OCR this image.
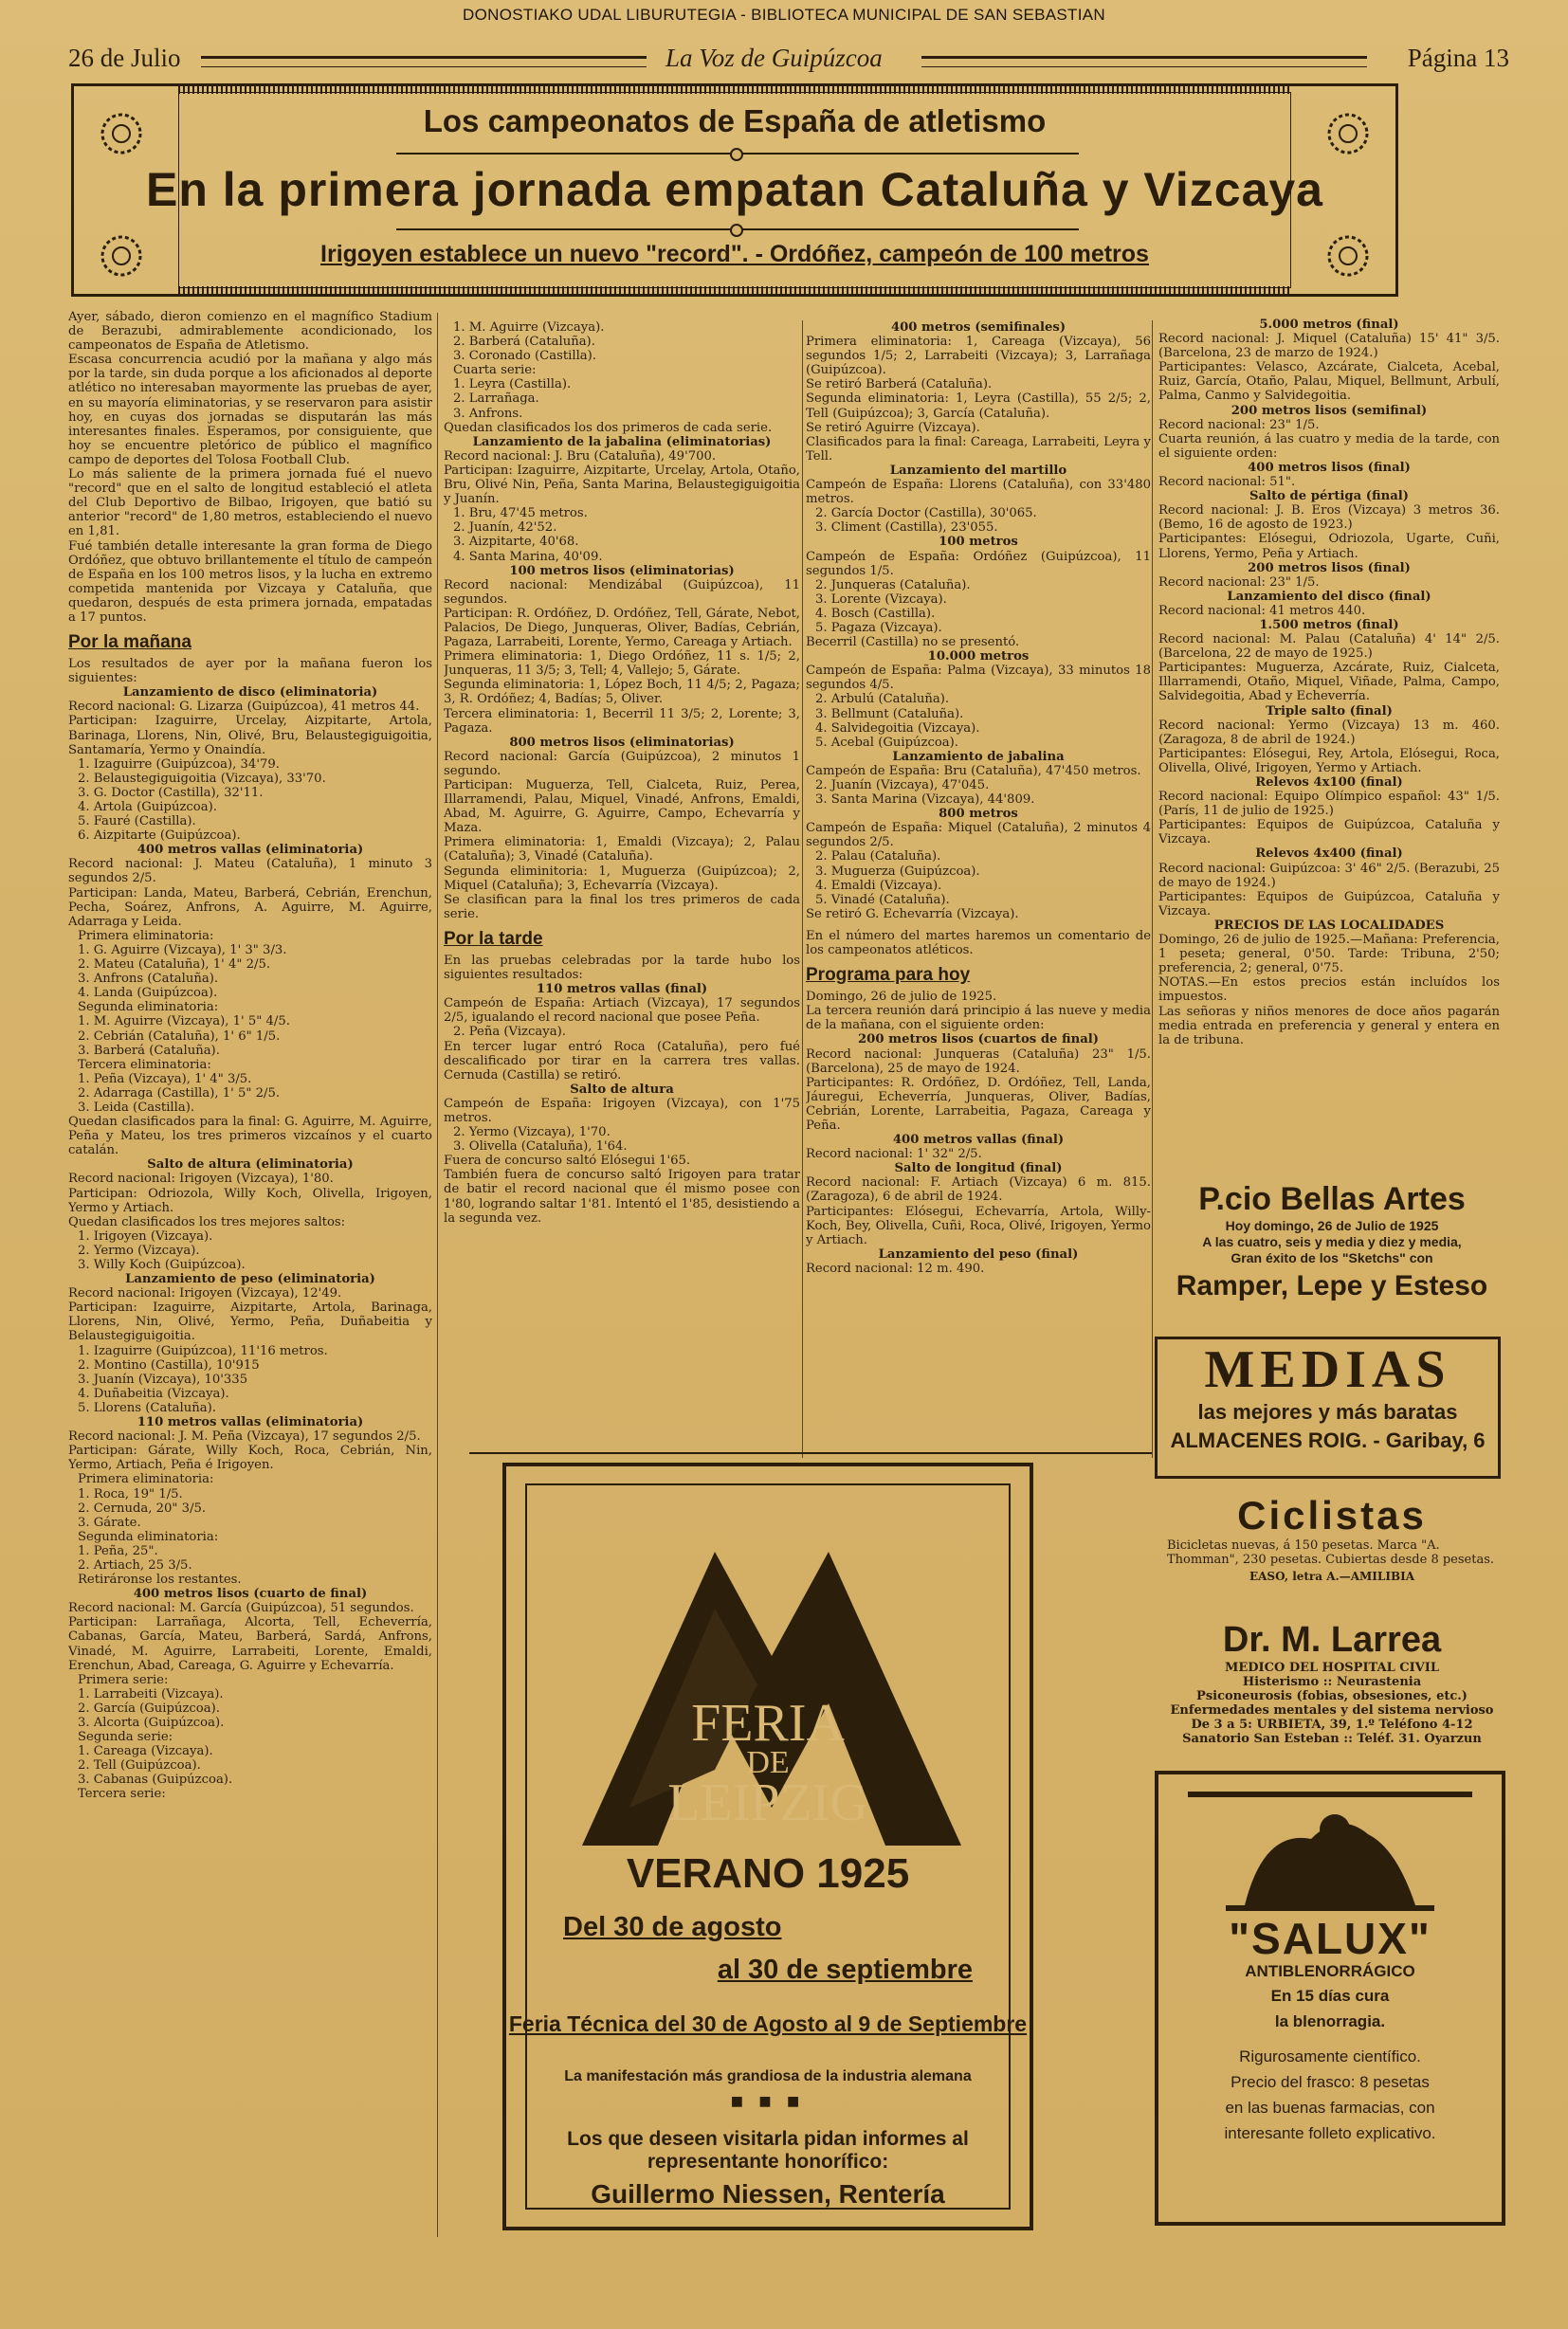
DONOSTIAKO UDAL LIBURUTEGIA - BIBLIOTECA MUNICIPAL DE SAN SEBASTIAN
26 de Julio	La Voz de Guipúzcoa	Página 13
Los campeonatos de España de atletismo
En la primera jornada empatan Cataluña y Vizcaya
Irigoyen establece un nuevo "record". - Ordóñez, campeón de 100 metros

Ayer, sábado, dieron comienzo en el magnífico Stadium de Berazubi, admirablemente acondicionado, los campeonatos de España de Atletismo.

Escasa concurrencia acudió por la mañana y algo más por la tarde, sin duda porque a los aficionados al deporte atlético no interesaban mayormente las pruebas de ayer, en su mayoría eliminatorias, y se reservaron para asistir hoy, en cuyas dos jornadas se disputarán las más interesantes finales. Esperamos, por consiguiente, que hoy se encuentre pletórico de público el magnífico campo de deportes del Tolosa Football Club.

Lo más saliente de la primera jornada fué el nuevo "record" que en el salto de longitud estableció el atleta del Club Deportivo de Bilbao, Irigoyen, que batió su anterior "record" de 1,80 metros, estableciendo el nuevo en 1,81.

Fué también detalle interesante la gran forma de Diego Ordóñez, que obtuvo brillantemente el título de campeón de España en los 100 metros lisos, y la lucha en extremo competida mantenida por Vizcaya y Cataluña, que quedaron, después de esta primera jornada, empatadas a 17 puntos.

Por la mañana

Los resultados de ayer por la mañana fueron los siguientes:

Lanzamiento de disco (eliminatoria)

Record nacional: G. Lizarza (Guipúzcoa), 41 metros 44.

Participan: Izaguirre, Urcelay, Aizpitarte, Artola, Barinaga, Llorens, Nin, Olivé, Bru, Belaustegiguigoitia, Santamaría, Yermo y Onaindía.

1. Izaguirre (Guipúzcoa), 34'79.

2. Belaustegiguigoitia (Vizcaya), 33'70.

3. G. Doctor (Castilla), 32'11.

4. Artola (Guipúzcoa).

5. Fauré (Castilla).

6. Aizpitarte (Guipúzcoa).

400 metros vallas (eliminatoria)

Record nacional: J. Mateu (Cataluña), 1 minuto 3 segundos 2/5.

Participan: Landa, Mateu, Barberá, Cebrián, Erenchun, Pecha, Soárez, Anfrons, A. Aguirre, M. Aguirre, Adarraga y Leida.

Primera eliminatoria:

1. G. Aguirre (Vizcaya), 1' 3" 3/3.

2. Mateu (Cataluña), 1' 4" 2/5.

3. Anfrons (Cataluña).

4. Landa (Guipúzcoa).

Segunda eliminatoria:

1. M. Aguirre (Vizcaya), 1' 5" 4/5.

2. Cebrián (Cataluña), 1' 6" 1/5.

3. Barberá (Cataluña).

Tercera eliminatoria:

1. Peña (Vizcaya), 1' 4" 3/5.

2. Adarraga (Castilla), 1' 5" 2/5.

3. Leida (Castilla).

Quedan clasificados para la final: G. Aguirre, M. Aguirre, Peña y Mateu, los tres primeros vizcaínos y el cuarto catalán.

Salto de altura (eliminatoria)

Record nacional: Irigoyen (Vizcaya), 1'80.

Participan: Odriozola, Willy Koch, Olivella, Irigoyen, Yermo y Artiach.

Quedan clasificados los tres mejores saltos:

1. Irigoyen (Vizcaya).

2. Yermo (Vizcaya).

3. Willy Koch (Guipúzcoa).

Lanzamiento de peso (eliminatoria)

Record nacional: Irigoyen (Vizcaya), 12'49.

Participan: Izaguirre, Aizpitarte, Artola, Barinaga, Llorens, Nin, Olivé, Yermo, Peña, Duñabeitia y Belaustegiguigoitia.

1. Izaguirre (Guipúzcoa), 11'16 metros.

2. Montino (Castilla), 10'915

3. Juanín (Vizcaya), 10'335

4. Duñabeitia (Vizcaya).

5. Llorens (Cataluña).

110 metros vallas (eliminatoria)

Record nacional: J. M. Peña (Vizcaya), 17 segundos 2/5.

Participan: Gárate, Willy Koch, Roca, Cebrián, Nin, Yermo, Artiach, Peña é Irigoyen.

Primera eliminatoria:

1. Roca, 19" 1/5.

2. Cernuda, 20" 3/5.

3. Gárate.

Segunda eliminatoria:

1. Peña, 25".

2. Artiach, 25 3/5.

Retiráronse los restantes.

400 metros lisos (cuarto de final)

Record nacional: M. García (Guipúzcoa), 51 segundos.

Participan: Larrañaga, Alcorta, Tell, Echeverría, Cabanas, García, Mateu, Barberá, Sardá, Anfrons, Vinadé, M. Aguirre, Larrabeiti, Lorente, Emaldi, Erenchun, Abad, Careaga, G. Aguirre y Echevarría.

Primera serie:

1. Larrabeiti (Vizcaya).

2. García (Guipúzcoa).

3. Alcorta (Guipúzcoa).

Segunda serie:

1. Careaga (Vizcaya).

2. Tell (Guipúzcoa).

3. Cabanas (Guipúzcoa).

Tercera serie:

1. M. Aguirre (Vizcaya).

2. Barberá (Cataluña).

3. Coronado (Castilla).

Cuarta serie:

1. Leyra (Castilla).

2. Larrañaga.

3. Anfrons.

Quedan clasificados los dos primeros de cada serie.

Lanzamiento de la jabalina (eliminatorias)

Record nacional: J. Bru (Cataluña), 49'700.

Participan: Izaguirre, Aizpitarte, Urcelay, Artola, Otaño, Bru, Olivé Nin, Peña, Santa Marina, Belaustegiguigoitia y Juanín.

1. Bru, 47'45 metros.

2. Juanín, 42'52.

3. Aizpitarte, 40'68.

4. Santa Marina, 40'09.

100 metros lisos (eliminatorias)

Record nacional: Mendizábal (Guipúzcoa), 11 segundos.

Participan: R. Ordóñez, D. Ordóñez, Tell, Gárate, Nebot, Palacios, De Diego, Junqueras, Oliver, Badías, Cebrián, Pagaza, Larrabeiti, Lorente, Yermo, Careaga y Artiach.

Primera eliminatoria: 1, Diego Ordóñez, 11 s. 1/5; 2, Junqueras, 11 3/5; 3, Tell; 4, Vallejo; 5, Gárate.

Segunda eliminatoria: 1, López Boch, 11 4/5; 2, Pagaza; 3, R. Ordóñez; 4, Badías; 5, Oliver.

Tercera eliminatoria: 1, Becerril 11 3/5; 2, Lorente; 3, Pagaza.

800 metros lisos (eliminatorias)

Record nacional: García (Guipúzcoa), 2 minutos 1 segundo.

Participan: Muguerza, Tell, Cialceta, Ruiz, Perea, Illarramendi, Palau, Miquel, Vinadé, Anfrons, Emaldi, Abad, M. Aguirre, G. Aguirre, Campo, Echevarría y Maza.

Primera eliminatoria: 1, Emaldi (Vizcaya); 2, Palau (Cataluña); 3, Vinadé (Cataluña).

Segunda eliminitoria: 1, Muguerza (Guipúzcoa); 2, Miquel (Cataluña); 3, Echevarría (Vizcaya).

Se clasifican para la final los tres primeros de cada serie.

Por la tarde

En las pruebas celebradas por la tarde hubo los siguientes resultados:

110 metros vallas (final)

Campeón de España: Artiach (Vizcaya), 17 segundos 2/5, igualando el record nacional que posee Peña.

2. Peña (Vizcaya).

En tercer lugar entró Roca (Cataluña), pero fué descalificado por tirar en la carrera tres vallas. Cernuda (Castilla) se retiró.

Salto de altura

Campeón de España: Irigoyen (Vizcaya), con 1'75 metros.

2. Yermo (Vizcaya), 1'70.

3. Olivella (Cataluña), 1'64.

Fuera de concurso saltó Elósegui 1'65.

También fuera de concurso saltó Irigoyen para tratar de batir el record nacional que él mismo posee con 1'80, logrando saltar 1'81. Intentó el 1'85, desistiendo a la segunda vez.

400 metros (semifinales)

Primera eliminatoria: 1, Careaga (Vizcaya), 56 segundos 1/5; 2, Larrabeiti (Vizcaya); 3, Larrañaga (Guipúzcoa).

Se retiró Barberá (Cataluña).

Segunda eliminatoria: 1, Leyra (Castilla), 55 2/5; 2, Tell (Guipúzcoa); 3, García (Cataluña).

Se retiró Aguirre (Vizcaya).

Clasificados para la final: Careaga, Larrabeiti, Leyra y Tell.

Lanzamiento del martillo

Campeón de España: Llorens (Cataluña), con 33'480 metros.

2. García Doctor (Castilla), 30'065.

3. Climent (Castilla), 23'055.

100 metros

Campeón de España: Ordóñez (Guipúzcoa), 11 segundos 1/5.

2. Junqueras (Cataluña).

3. Lorente (Vizcaya).

4. Bosch (Castilla).

5. Pagaza (Vizcaya).

Becerril (Castilla) no se presentó.

10.000 metros

Campeón de España: Palma (Vizcaya), 33 minutos 18 segundos 4/5.

2. Arbulú (Cataluña).

3. Bellmunt (Cataluña).

4. Salvidegoitia (Vizcaya).

5. Acebal (Guipúzcoa).

Lanzamiento de jabalina

Campeón de España: Bru (Cataluña), 47'450 metros.

2. Juanín (Vizcaya), 47'045.

3. Santa Marina (Vizcaya), 44'809.

800 metros

Campeón de España: Miquel (Cataluña), 2 minutos 4 segundos 2/5.

2. Palau (Cataluña).

3. Muguerza (Guipúzcoa).

4. Emaldi (Vizcaya).

5. Vinadé (Cataluña).

Se retiró G. Echevarría (Vizcaya).

En el número del martes haremos un comentario de los campeonatos atléticos.

Programa para hoy

Domingo, 26 de julio de 1925.

La tercera reunión dará principio á las nueve y media de la mañana, con el siguiente orden:

200 metros lisos (cuartos de final)

Record nacional: Junqueras (Cataluña) 23" 1/5. (Barcelona), 25 de mayo de 1924.

Participantes: R. Ordóñez, D. Ordóñez, Tell, Landa, Jáuregui, Echeverría, Junqueras, Oliver, Badías, Cebrián, Lorente, Larrabeitia, Pagaza, Careaga y Peña.

400 metros vallas (final)

Record nacional: 1' 32" 2/5.

Salto de longitud (final)

Record nacional: F. Artiach (Vizcaya) 6 m. 815. (Zaragoza), 6 de abril de 1924.

Participantes: Elósegui, Echevarría, Artola, Willy-Koch, Bey, Olivella, Cuñi, Roca, Olivé, Irigoyen, Yermo y Artiach.

Lanzamiento del peso (final)

Record nacional: 12 m. 490.

5.000 metros (final)

Record nacional: J. Miquel (Cataluña) 15' 41" 3/5. (Barcelona, 23 de marzo de 1924.)

Participantes: Velasco, Azcárate, Cialceta, Acebal, Ruiz, García, Otaño, Palau, Miquel, Bellmunt, Arbulí, Palma, Canmo y Salvidegoitia.

200 metros lisos (semifinal)

Record nacional: 23" 1/5.

Cuarta reunión, á las cuatro y media de la tarde, con el siguiente orden:

400 metros lisos (final)

Record nacional: 51".

Salto de pértiga (final)

Record nacional: J. B. Eros (Vizcaya) 3 metros 36. (Bemo, 16 de agosto de 1923.)

Participantes: Elósegui, Odriozola, Ugarte, Cuñi, Llorens, Yermo, Peña y Artiach.

200 metros lisos (final)

Record nacional: 23" 1/5.

Lanzamiento del disco (final)

Record nacional: 41 metros 440.

1.500 metros (final)

Record nacional: M. Palau (Cataluña) 4' 14" 2/5. (Barcelona, 22 de mayo de 1925.)

Participantes: Muguerza, Azcárate, Ruiz, Cialceta, Illarramendi, Otaño, Miquel, Viñade, Palma, Campo, Salvidegoitia, Abad y Echeverría.

Triple salto (final)

Record nacional: Yermo (Vizcaya) 13 m. 460. (Zaragoza, 8 de abril de 1924.)

Participantes: Elósegui, Rey, Artola, Elósegui, Roca, Olivella, Olivé, Irigoyen, Yermo y Artiach.

Relevos 4x100 (final)

Record nacional: Equipo Olímpico español: 43" 1/5. (París, 11 de julio de 1925.)

Participantes: Equipos de Guipúzcoa, Cataluña y Vizcaya.

Relevos 4x400 (final)

Record nacional: Guipúzcoa: 3' 46" 2/5. (Berazubi, 25 de mayo de 1924.)

Participantes: Equipos de Guipúzcoa, Cataluña y Vizcaya.

PRECIOS DE LAS LOCALIDADES

Domingo, 26 de julio de 1925.—Mañana: Preferencia, 1 peseta; general, 0'50. Tarde: Tribuna, 2'50; preferencia, 2; general, 0'75.

NOTAS.—En estos precios están incluídos los impuestos.

Las señoras y niños menores de doce años pagarán media entrada en preferencia y general y entera en la de tribuna.

FERIA
DE
LEIPZIG
VERANO 1925
Del 30 de agosto
al 30 de septiembre
Feria Técnica del 30 de Agosto al 9 de Septiembre
La manifestación más grandiosa de la industria alemana
■ ■ ■
Los que deseen visitarla pidan informes al representante honorífico:
Guillermo Niessen, Rentería
P.cio Bellas Artes
Hoy domingo, 26 de Julio de 1925
A las cuatro, seis y media y diez y media,
Gran éxito de los "Sketchs" con
Ramper, Lepe y Esteso
MEDIAS
las mejores y más baratas
ALMACENES ROIG. - Garibay, 6
Ciclistas
Bicicletas nuevas, á 150 pesetas. Marca "A. Thomman", 230 pesetas. Cubiertas desde 8 pesetas.
EASO, letra A.—AMILIBIA
Dr. M. Larrea
MEDICO DEL HOSPITAL CIVIL
Histerismo :: Neurastenia
Psiconeurosis (fobias, obsesiones, etc.) Enfermedades mentales y del sistema nervioso
De 3 a 5: URBIETA, 39, 1.º Teléfono 4-12
Sanatorio San Esteban :: Teléf. 31. Oyarzun
"SALUX"
ANTIBLENORRÁGICO
En 15 días cura
la blenorragia.
Rigurosamente científico.
Precio del frasco: 8 pesetas
en las buenas farmacias, con
interesante folleto explicativo.
